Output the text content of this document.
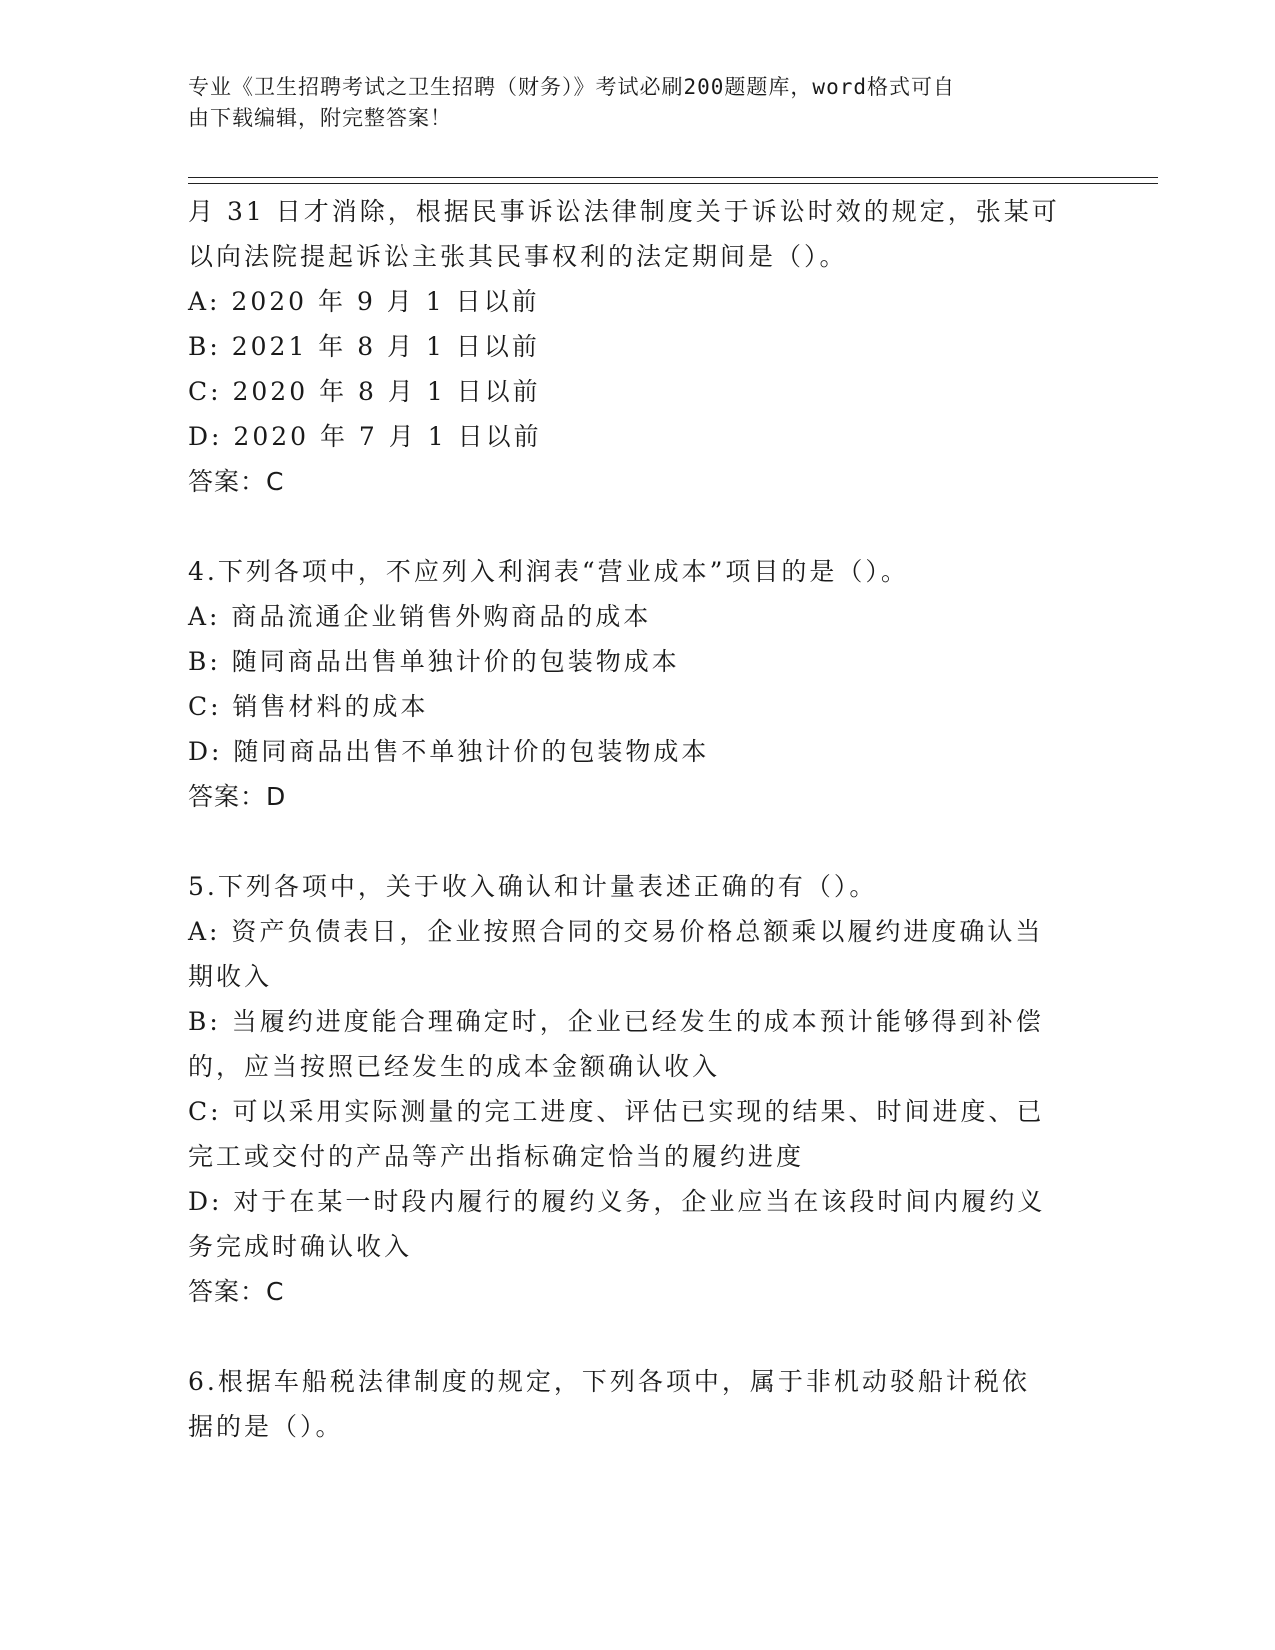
专业《卫生招聘考试之卫生招聘（财务）》考试必刷200题题库，word格式可自
由下载编辑，附完整答案！
月 31 日才消除，根据民事诉讼法律制度关于诉讼时效的规定，张某可
以向法院提起诉讼主张其民事权利的法定期间是（）。
A: 2020 年 9 月 1 日以前
B: 2021 年 8 月 1 日以前
C: 2020 年 8 月 1 日以前
D: 2020 年 7 月 1 日以前
答案：C
4.下列各项中，不应列入利润表“营业成本”项目的是（）。
A: 商品流通企业销售外购商品的成本
B: 随同商品出售单独计价的包装物成本
C: 销售材料的成本
D: 随同商品出售不单独计价的包装物成本
答案：D
5.下列各项中，关于收入确认和计量表述正确的有（）。
A: 资产负债表日，企业按照合同的交易价格总额乘以履约进度确认当
期收入
B: 当履约进度能合理确定时，企业已经发生的成本预计能够得到补偿
的，应当按照已经发生的成本金额确认收入
C: 可以采用实际测量的完工进度、评估已实现的结果、时间进度、已
完工或交付的产品等产出指标确定恰当的履约进度
D: 对于在某一时段内履行的履约义务，企业应当在该段时间内履约义
务完成时确认收入
答案：C
6.根据车船税法律制度的规定，下列各项中，属于非机动驳船计税依
据的是（）。
